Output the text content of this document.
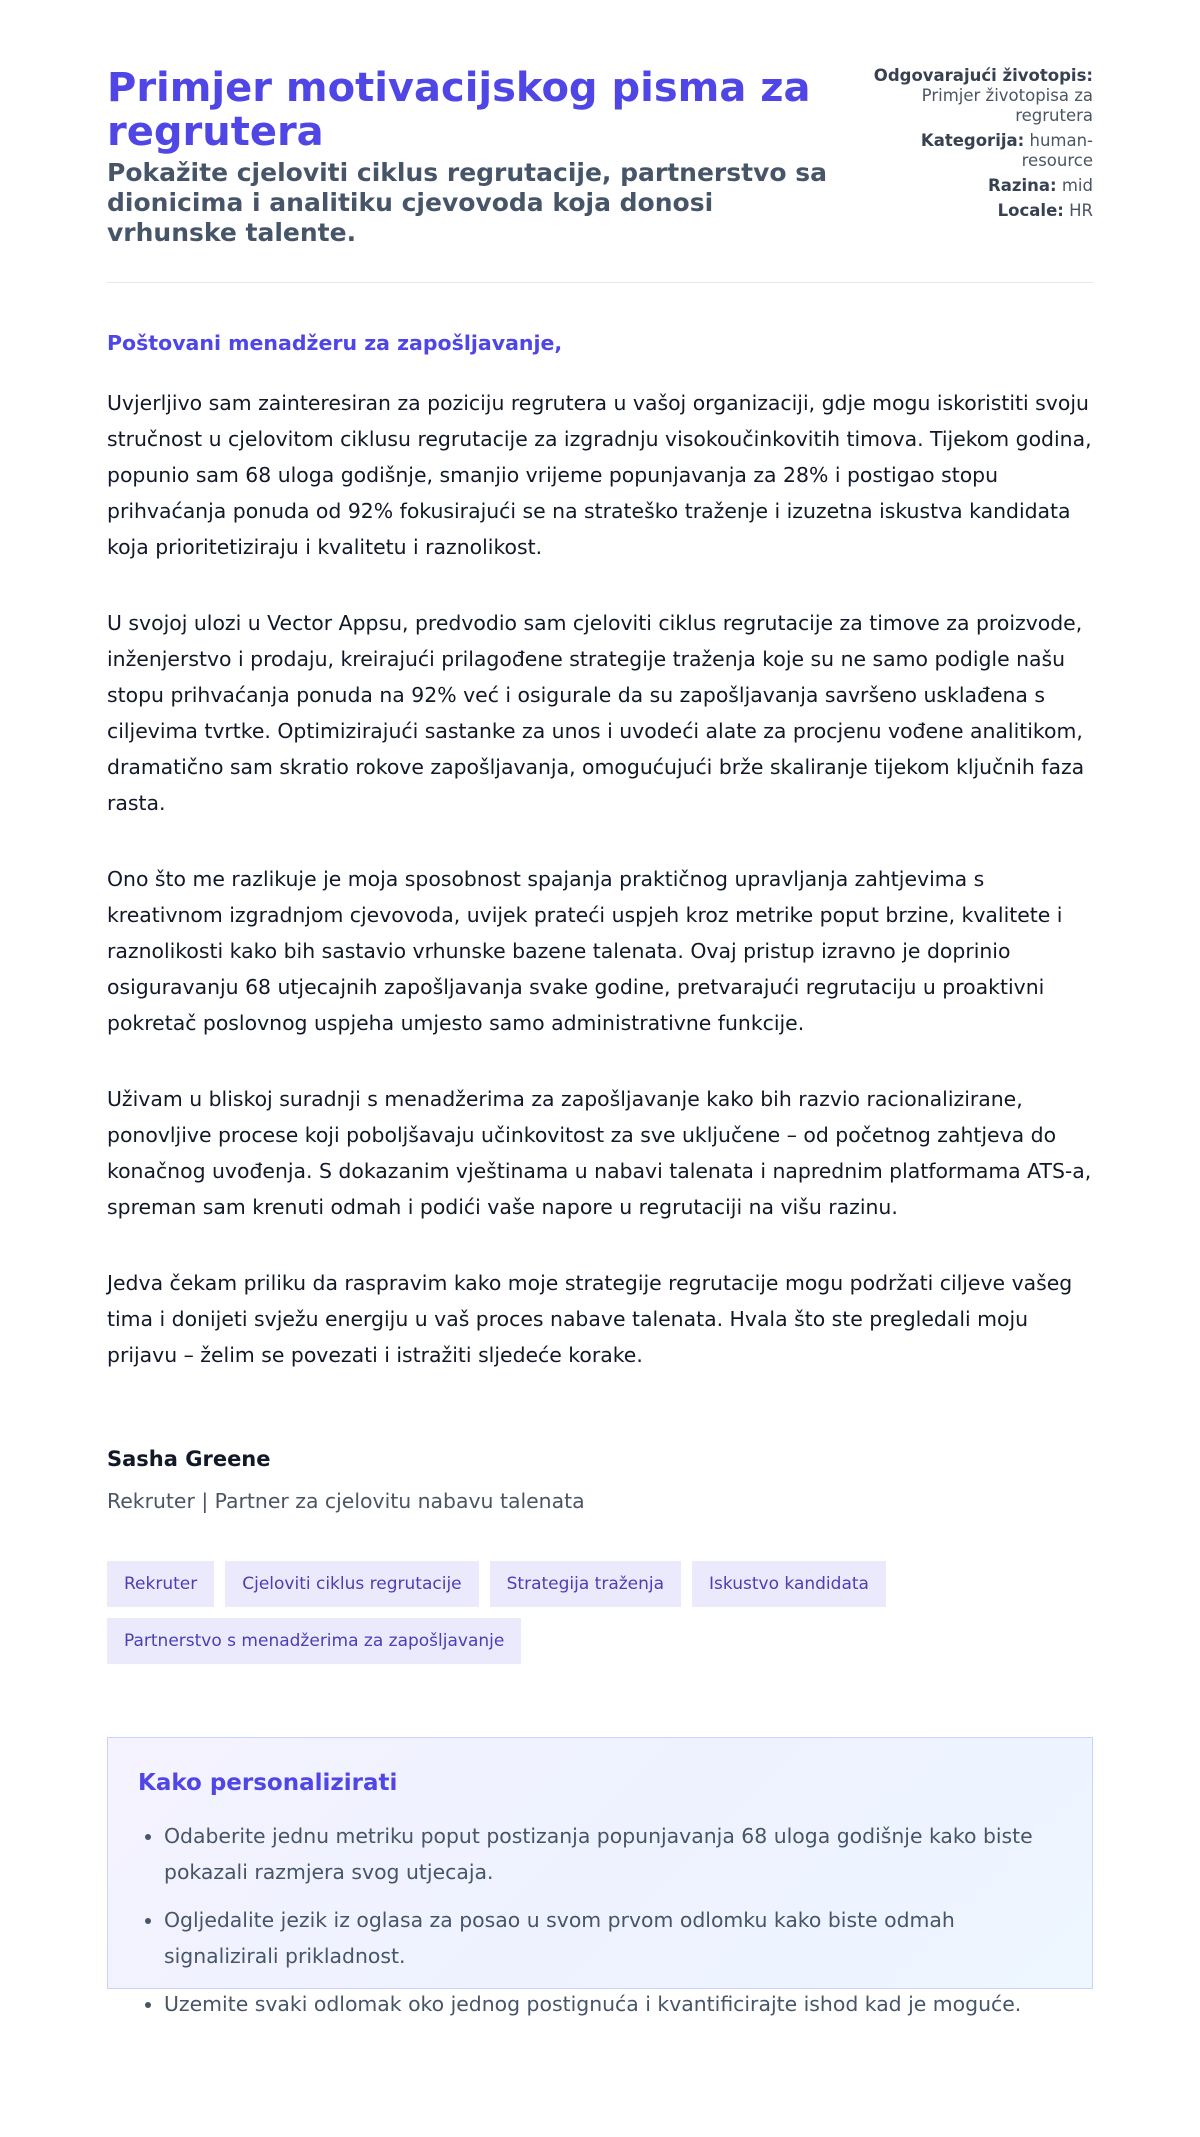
Primjer motivacijskog pisma za regrutera
Pokažite cjeloviti ciklus regrutacije, partnerstvo sa dionicima i analitiku cjevovoda koja donosi vrhunske talente.
Odgovarajući životopis: Primjer životopisa za regrutera
Kategorija: human-resource
Razina: mid
Locale: HR
Poštovani menadžeru za zapošljavanje,

Uvjerljivo sam zainteresiran za poziciju regrutera u vašoj organizaciji, gdje mogu iskoristiti svoju stručnost u cjelovitom ciklusu regrutacije za izgradnju visokoučinkovitih timova. Tijekom godina, popunio sam 68 uloga godišnje, smanjio vrijeme popunjavanja za 28% i postigao stopu prihvaćanja ponuda od 92% fokusirajući se na strateško traženje i izuzetna iskustva kandidata koja prioritetiziraju i kvalitetu i raznolikost.

U svojoj ulozi u Vector Appsu, predvodio sam cjeloviti ciklus regrutacije za timove za proizvode, inženjerstvo i prodaju, kreirajući prilagođene strategije traženja koje su ne samo podigle našu stopu prihvaćanja ponuda na 92% već i osigurale da su zapošljavanja savršeno usklađena s ciljevima tvrtke. Optimizirajući sastanke za unos i uvodeći alate za procjenu vođene analitikom, dramatično sam skratio rokove zapošljavanja, omogućujući brže skaliranje tijekom ključnih faza rasta.

Ono što me razlikuje je moja sposobnost spajanja praktičnog upravljanja zahtjevima s kreativnom izgradnjom cjevovoda, uvijek prateći uspjeh kroz metrike poput brzine, kvalitete i raznolikosti kako bih sastavio vrhunske bazene talenata. Ovaj pristup izravno je doprinio osiguravanju 68 utjecajnih zapošljavanja svake godine, pretvarajući regrutaciju u proaktivni pokretač poslovnog uspjeha umjesto samo administrativne funkcije.

Uživam u bliskoj suradnji s menadžerima za zapošljavanje kako bih razvio racionalizirane, ponovljive procese koji poboljšavaju učinkovitost za sve uključene – od početnog zahtjeva do konačnog uvođenja. S dokazanim vještinama u nabavi talenata i naprednim platformama ATS-a, spreman sam krenuti odmah i podići vaše napore u regrutaciji na višu razinu.

Jedva čekam priliku da raspravim kako moje strategije regrutacije mogu podržati ciljeve vašeg tima i donijeti svježu energiju u vaš proces nabave talenata. Hvala što ste pregledali moju prijavu – želim se povezati i istražiti sljedeće korake.

Sasha Greene
Rekruter | Partner za cjelovitu nabavu talenata
Rekruter	Cjeloviti ciklus regrutacije	Strategija traženja	Iskustvo kandidata
Partnerstvo s menadžerima za zapošljavanje
Kako personalizirati
• Odaberite jednu metriku poput postizanja popunjavanja 68 uloga godišnje kako biste pokazali razmjera svog utjecaja.
• Ogljedalite jezik iz oglasa za posao u svom prvom odlomku kako biste odmah signalizirali prikladnost.
• Uzemite svaki odlomak oko jednog postignuća i kvantificirajte ishod kad je moguće.
